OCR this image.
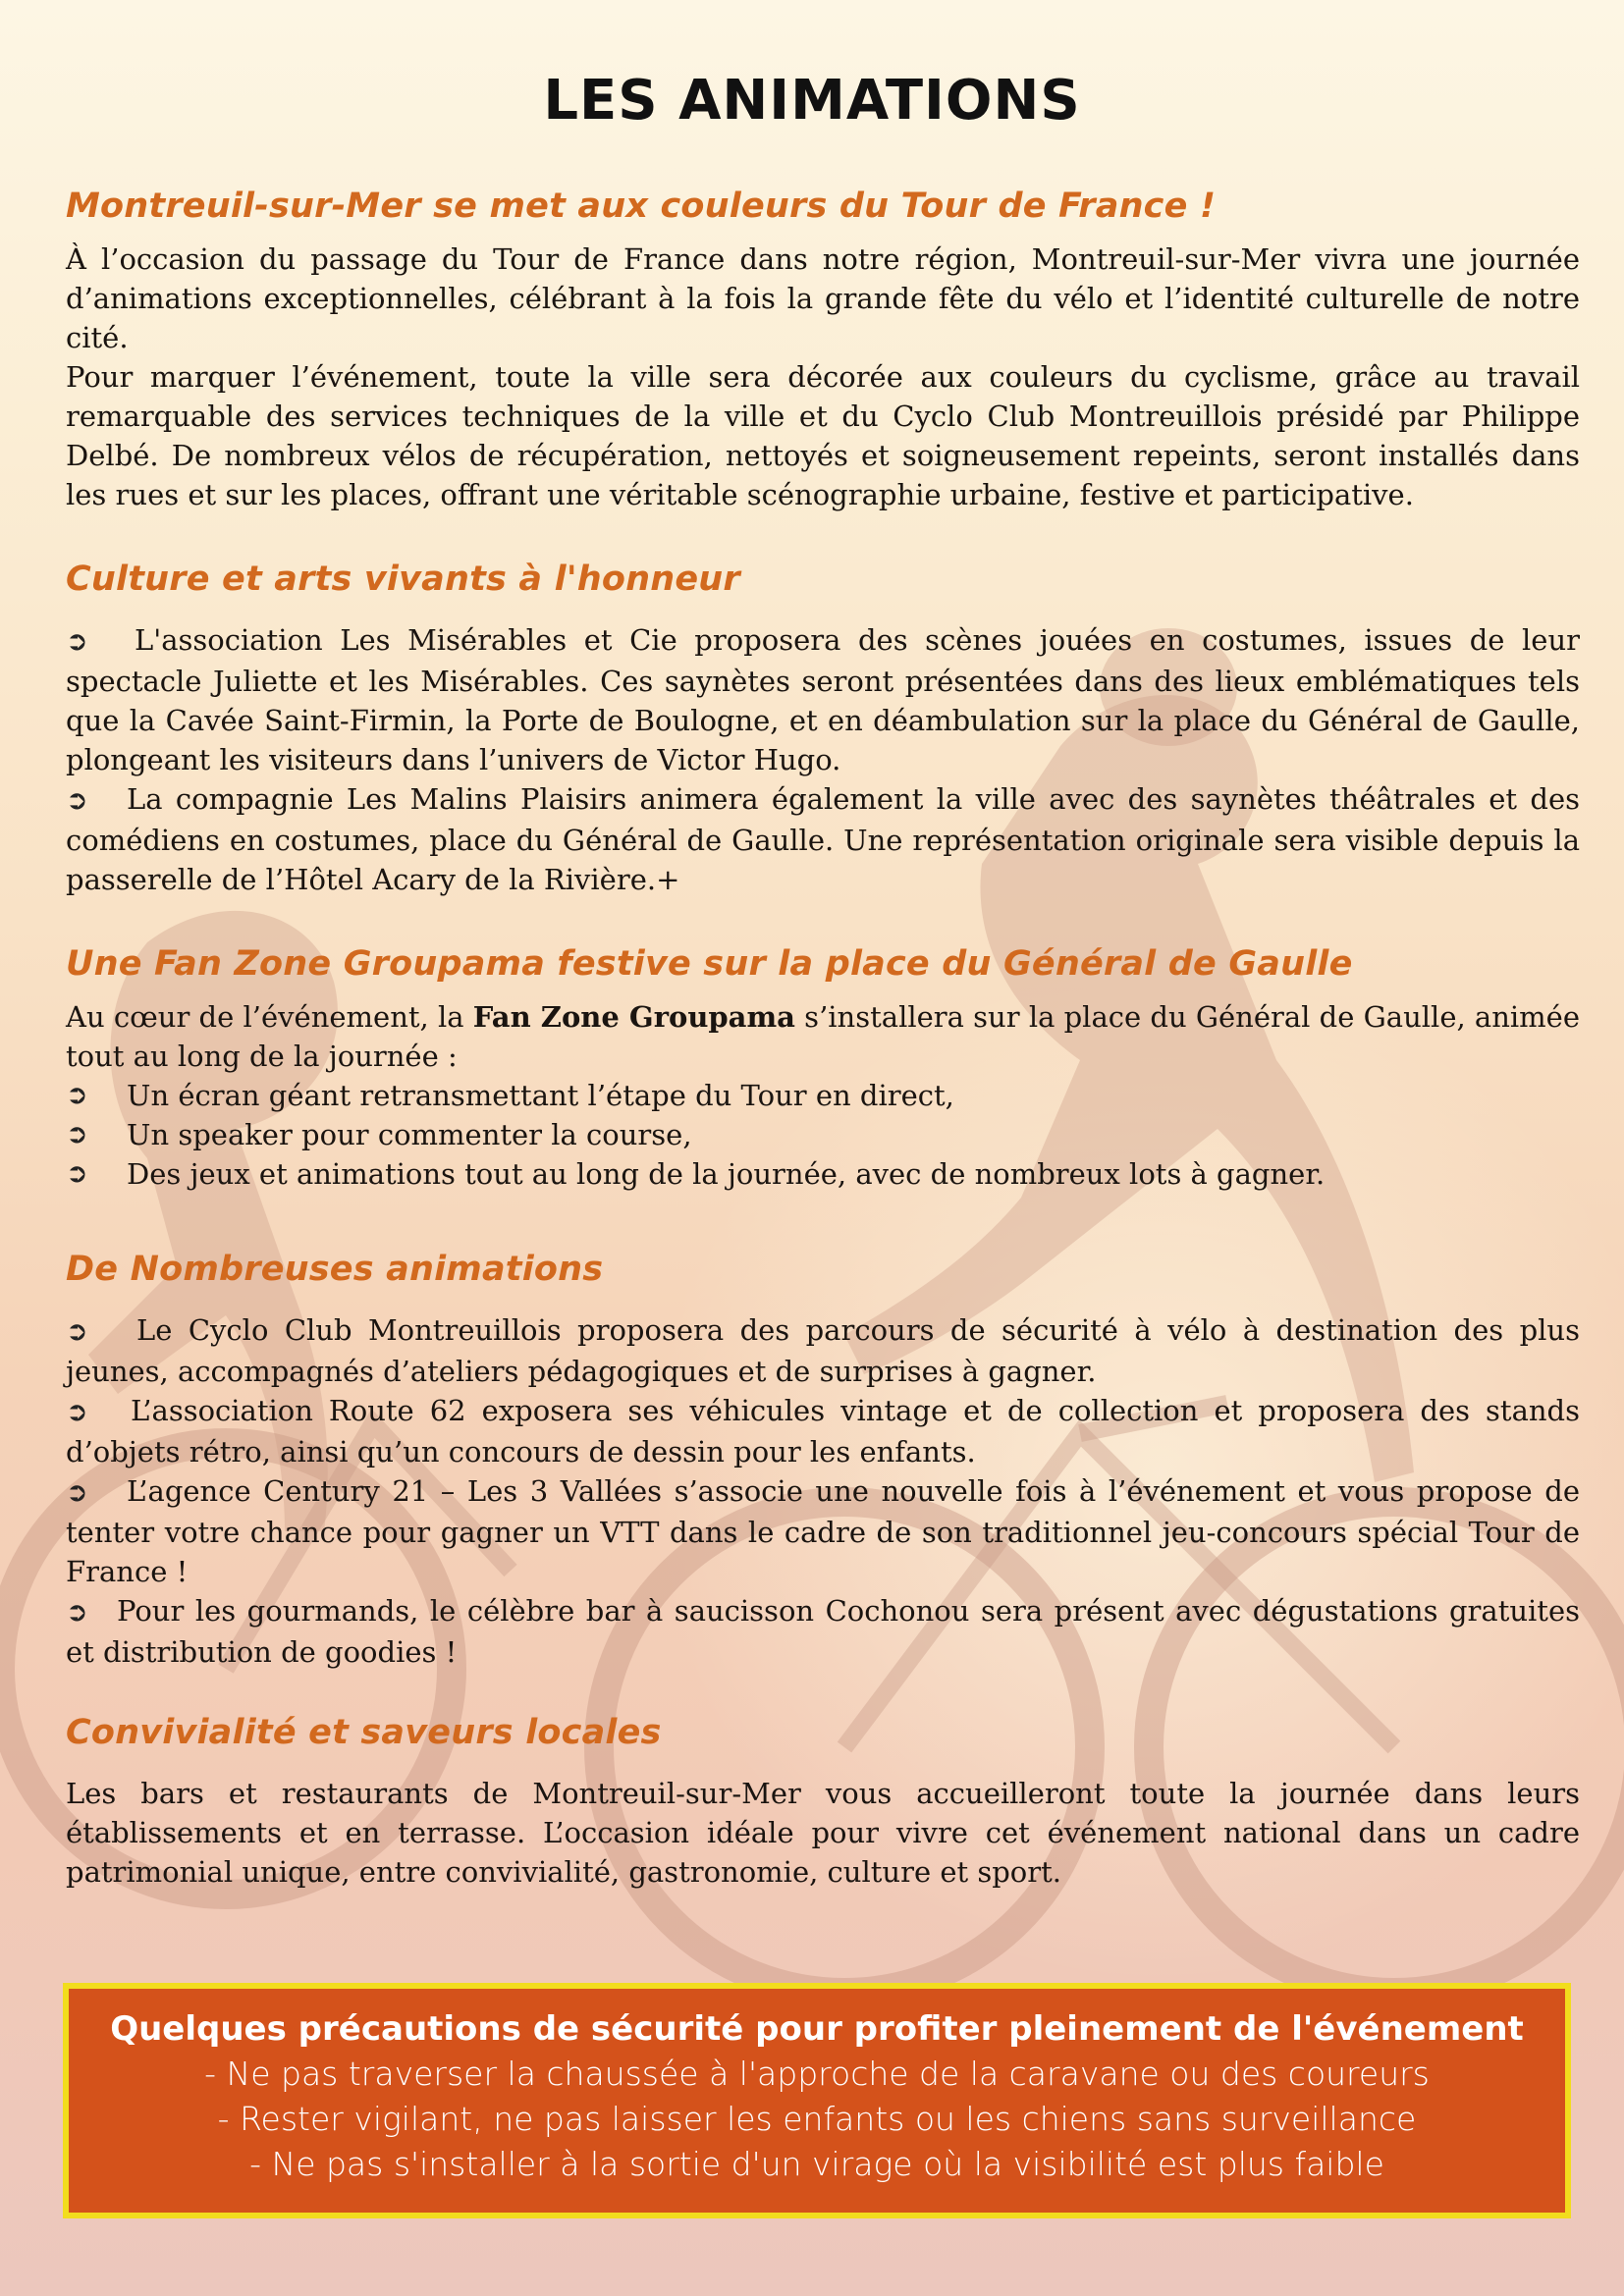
LES ANIMATIONS
Montreuil-sur-Mer se met aux couleurs du Tour de France !

À l’occasion du passage du Tour de France dans notre région, Montreuil-sur-Mer vivra une journée d’animations exceptionnelles, célébrant à la fois la grande fête du vélo et l’identité culturelle de notre cité.

Pour marquer l’événement, toute la ville sera décorée aux couleurs du cyclisme, grâce au travail remarquable des services techniques de la ville et du Cyclo Club Montreuillois présidé par Philippe Delbé. De nombreux vélos de récupération, nettoyés et soigneusement repeints, seront installés dans les rues et sur les places, offrant une véritable scénographie urbaine, festive et participative.

Culture et arts vivants à l'honneur

➲ L'association Les Misérables et Cie proposera des scènes jouées en costumes, issues de leur spectacle Juliette et les Misérables. Ces saynètes seront présentées dans des lieux emblématiques tels que la Cavée Saint-Firmin, la Porte de Boulogne, et en déambulation sur la place du Général de Gaulle, plongeant les visiteurs dans l’univers de Victor Hugo.

➲ La compagnie Les Malins Plaisirs animera également la ville avec des saynètes théâtrales et des comédiens en costumes, place du Général de Gaulle. Une représentation originale sera visible depuis la passerelle de l’Hôtel Acary de la Rivière.+

Une Fan Zone Groupama festive sur la place du Général de Gaulle

Au cœur de l’événement, la Fan Zone Groupama s’installera sur la place du Général de Gaulle, animée tout au long de la journée :

➲	Un écran géant retransmettant l’étape du Tour en direct,
➲	Un speaker pour commenter la course,
➲	Des jeux et animations tout au long de la journée, avec de nombreux lots à gagner.
De Nombreuses animations

➲ Le Cyclo Club Montreuillois proposera des parcours de sécurité à vélo à destination des plus jeunes, accompagnés d’ateliers pédagogiques et de surprises à gagner.

➲ L’association Route 62 exposera ses véhicules vintage et de collection et proposera des stands d’objets rétro, ainsi qu’un concours de dessin pour les enfants.

➲ L’agence Century 21 – Les 3 Vallées s’associe une nouvelle fois à l’événement et vous propose de tenter votre chance pour gagner un VTT dans le cadre de son traditionnel jeu-concours spécial Tour de France !

➲ Pour les gourmands, le célèbre bar à saucisson Cochonou sera présent avec dégustations gratuites et distribution de goodies !

Convivialité et saveurs locales

Les bars et restaurants de Montreuil-sur-Mer vous accueilleront toute la journée dans leurs établissements et en terrasse. L’occasion idéale pour vivre cet événement national dans un cadre patrimonial unique, entre convivialité, gastronomie, culture et sport.

Quelques précautions de sécurité pour profiter pleinement de l'événement

- Ne pas traverser la chaussée à l'approche de la caravane ou des coureurs

- Rester vigilant, ne pas laisser les enfants ou les chiens sans surveillance

- Ne pas s'installer à la sortie d'un virage où la visibilité est plus faible
